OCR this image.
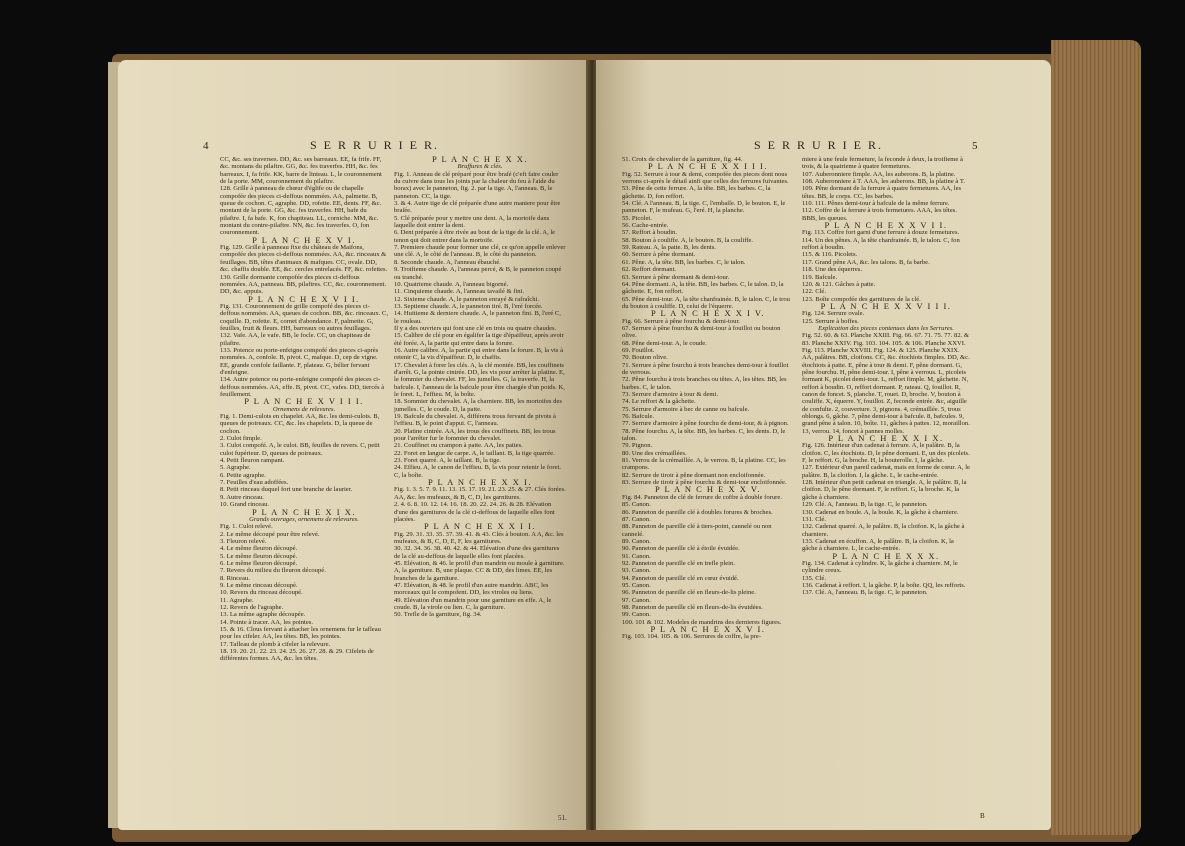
4	S E R R U R I E R.

CC, &c. ses traverses. DD, &c. ses barreaux. EE, fa frife. FF, &c. montans du pilaftre. GG, &c. fes traverfes. HH, &c. fes barreaux. I, fa frife. KK, barre de linteau. L, le couronnement de la porte. MM, couronnement du pilaftre.

128. Grille à panneau de chœur d'églife ou de chapelle compofée des pieces ci-deffous nommées. AA, palmette. B, queue de cochon. C, agraphe. DD, rofette. EE, dents. FF, &c. montant de la porte. GG, &c. fes traverfes. HH, bafe du pilaftre. I, fa bafe. K, fon chapiteau. LL, corniche. MM, &c. montant du contre-pilaftre. NN, &c. fes traverfes. O, fon couronnement.

P L A N C H E X V I.

Fig. 129. Grille à panneau fixe du château de Maifons, compofée des pieces ci-deffous nommées. AA, &c. rinceaux & feuillages. BB, têtes d'animaux & mafques. CC, ovale. DD, &c. chaffis double. EE, &c. cercles entrelacés. FF, &c. rofettes.

130. Grille dormante compofée des pieces ci-deffous nommées. AA, panneau. BB, pilaftres. CC, &c. couronnement. DD, &c. appuis.

P L A N C H E X V I I.

Fig. 131. Couronnement de grille compofé des pieces ci-deffous nommées. AA, queues de cochon. BB, &c. rinceaux. C, coquille. D, rofette. E, cornet d'abondance. F, palmette. G, feuilles, fruit & fleurs. HH, barreaux ou autres feuillages.

132. Vafe. AA, le vafe. BB, le focle. CC, un chapiteau de pilaftre.

133. Potence ou porte-enfeigne compofé des pieces ci-après nommées. A, confole. B, pivot. C, mafque. D, cep de vigne. EE, grande confole faillante. F, plateau. G, bélier fervant d'enfeigne.

134. Autre potence ou porte-enfeigne compofé des pieces ci-deffous nommées. AA, effe. B, pivot. CC, vafes. DD, tiercés à feuillement.

P L A N C H E X V I I I.

Ornemens de relevures.

Fig. 1. Demi-culots en chapelet. AA, &c. les demi-culots. B, queues de poireaux. CC, &c. les chapelets. D, la queue de cochon.

2. Culot fimple.

3. Culot compofé. A, le culot. BB, feuilles de revers. C, petit culot fupérieur. D, queues de poireaux.

4. Petit fleuron rampant.

5. Agraphe.

6. Petite agraphe.

7. Feuilles d'eau adoffées.

8. Petit rinceau duquel fort une branche de laurier.

9. Autre rinceau.

10. Grand rinceau.

P L A N C H E X I X.

Grands ouvrages, ornemens de relevures.

Fig. 1. Culot relevé.

2. Le même découpé pour être relevé.

3. Fleuron relevé.

4. Le même fleuron découpé.

5. Le même fleuron découpé.

6. Le même fleuron découpé.

7. Revers du milieu du fleuron découpé.

8. Rinceau.

9. Le même rinceau découpé.

10. Revers du rinceau découpé.

11. Agraphe.

12. Revers de l'agraphe.

13. La même agraphe découpée.

14. Pointe à tracer. AA, les pointes.

15. & 16. Clous fervant à attacher les ornemens fur le tafleau pour les cifeler. AA, les têtes. BB, les pointes.

17. Tafleau de plomb à cifeler la relevure.

18. 19. 20. 21. 22. 23. 24. 25. 26. 27. 28. & 29. Cifelets de différentes formes. AA, &c. les têtes.

P L A N C H E X X.

Bruffures & clés.

Fig. 1. Anneau de clé préparé pour être braſé (c'eft faire couler du cuivre dans tous les joints par la chaleur du feu à l'aide du borax) avec le panneton, fig. 2. par la tige. A, l'anneau. B, le panneton. CC, la tige.

3. & 4. Autre tige de clé préparée d'une autre maniere pour être braſée.

5. Clé préparée pour y mettre une dent. A, la mortoife dans laquelle doit entrer la dent.

6. Dent préparée à être rivée au bout de la tige de la clé. A, le tenon qui doit entrer dans la mortoife.

7. Premiere chaude pour former une clé, ce qu'on appelle enlever une clé. A, le côté de l'anneau. B, le côté du panneton.

8. Seconde chaude. A, l'anneau ébauché.

9. Troifieme chaude. A, l'anneau percé, & B, le panneton coupé ou tranché.

10. Quatrieme chaude. A, l'anneau bigorné.

11. Cinquieme chaude. A, l'anneau tavailé & fini.

12. Sixieme chaude. A, le panneton enrayé & rafraîchi.

13. Septieme chaude. A, le panneton tiré. B, l'eré forcée.

14. Huitieme & derniere chaude. A, le panneton fini. B, l'eré C, le rouleau.

Il y a des ouvriers qui font une clé en trois ou quatre chaudes.

15. Calibre de clé pour en égalifer la tige d'épaiffeur, après avoir été forée. A, la partie qui entre dans la forure.

16. Autre calibre. A, la partie qui entre dans la forure. B, la vis à retenir C, la vis d'épaiffeur. D, le chaffis.

17. Chevalet à forer les clés. A, la clé montée. BB, les couffinets d'arrêt. G, la pointe cintrée. DD, les vis pour arrêter la platine. E, le fommier du chevalet. FF, les jumelles. G, la traverfe. H, la bafcule. I, l'anneau de la bafcule pour être chargée d'un poids. K, le foret. L, l'effieu. M, la boîte.

18. Sommier du chevalet. A, la charniere. BB, les mortoifes des jumelles. C, le coude. D, la patte.

19. Bafcule du chevalet. A, différens trous fervant de pivots à l'effieu. B, le point d'appui. C, l'anneau.

20. Platine cintrée. AA, les trous des couffinets. BB, les trous pour l'arrêter fur le fommier du chevalet.

21. Couffinet ou crampon à patte. AA, les pattes.

22. Foret en langue de carpe. A, le taillant. B, la tige quarrée.

23. Foret quarré. A, le taillant. B, la tige.

24. Effieu. A, le canon de l'effieu. B, la vis pour retenir le foret. C, la boîte.

P L A N C H E X X I.

Fig. 1. 3. 5. 7. 9. 11. 13. 15. 17. 19. 21. 23. 25. & 27. Clés forées. AA, &c. les mufeaux, & B, C, D, les garnitures.

2. 4. 6. 8. 10. 12. 14. 16. 18. 20. 22. 24. 26. & 28. Elévation d'une des garnitures de la clé ci-deffous de laquelle elles font placées.

P L A N C H E X X I I.

Fig. 29. 31. 33. 35. 37. 39. 41. & 43. Clés à bouton. A A, &c. les mufeaux, & B, C, D, E, F, les garnitures.

30. 32. 34. 36. 38. 40. 42. & 44. Elévation d'une des garnitures de la clé au-deffous de laquelle elles font placées.

45. Elévation, & 46. le profil d'un mandrin ou moule à garniture. A, la garniture. B, une plaque. CC & DD, des limes. EE, les branches de la garniture.

47. Elévation, & 48. le profil d'un autre mandrin. ABC, les morceaux qui le compofent. DD, les viroles ou liens.

49. Elévation d'un mandrin pour une garniture en effe. A, le coude. B, la virole ou lien. C, la garniture.

50. Trefle de la garniture, fig. 34.

51.
S E R R U R I E R.	5

51. Croix de chevalier de la garniture, fig. 44.

P L A N C H E X X I I I.

Fig. 52. Serrure à tour & demi, compofée des pieces dont nous verrons ci-après le détail ainfi que celles des ferrures fuivantes.

53. Pêne de cette ferrure. A, la tête. BB, les barbes. C, la gâchette. D, fon reffort.

54. Clé. A l'anneau. B, la tige. C, l'embaſſe. D, le bouton. E, le panneton. F, le mufeau. G, l'eré. H, la planche.

55. Picolet.

56. Cache-entrée.

57. Reffort à boudin.

58. Bouton à couliffe. A, le bouton. B, la couliffe.

59. Rateau. A, la patte. B, les dents.

60. Serrure à pêne dormant.

61. Pêne. A, la tête. BB, les barbes. C, le talon.

62. Reffort dormant.

63. Serrure à pêne dormant & demi-tour.

64. Pêne dormant. A, la tête. BB, les barbes. C, le talon. D, la gâchette. E, fon reffort.

65. Pêne demi-tour. A, la tête chanfrainée. B, le talon. C, le trou du bouton à couliffe. D, celui de l'équerre.

P L A N C H E X X I V.

Fig. 66. Serrure à pêne fourchu & demi-tour.

67. Serrure à pêne fourchu & demi-tour à fouillot ou bouton olive.

68. Pêne demi-tour. A, le coude.

69. Fouillot.

70. Bouton olive.

71. Serrure à pêne fourchu à trois branches demi-tour à fouillot de verrous.

72. Pêne fourchu à trois branches ou têtes. A, les têtes. BB, les barbes. C, le talon.

73. Serrure d'armoire à tour & demi.

74. Le reffort & la gâchette.

75. Serrure d'armoire à bec de canne ou bafcule.

76. Bafcule.

77. Serrure d'armoire à pêne fourchu de demi-tour, & à pignon.

78. Pêne fourchu. A, la tête. BB, les barbes. C, les dents. D, le talon.

79. Pignon.

80. Une des crémaillées.

81. Verrou de la crémaillée. A, le verrou. B, la platine. CC, les crampons.

82. Serrure de tiroir à pêne dormant non encloifonnée.

83. Serrure de tiroir à pêne fourchu & demi-tour encloifonnée.

P L A N C H E X X V.

Fig. 84. Panneton de clé de ferrure de coffre à double forure.

85. Canon.

86. Panneton de pareille clé à doubles forures & broches.

87. Canon.

88. Panneton de pareille clé à tiers-point, cannelé ou non cannelé.

89. Canon.

90. Panneton de pareille clé à étoile évuidée.

91. Canon.

92. Panneton de pareille clé en trefle plein.

93. Canon.

94. Panneton de pareille clé en cœur évuidé.

95. Canon.

96. Panneton de pareille clé en fleurs-de-lis pleine.

97. Canon.

98. Panneton de pareille clé en fleurs-de-lis évuidées.

99. Canon.

100. 101 & 102. Modeles de mandrins des dernieres figures.

P L A N C H E X X V I.

Fig. 103. 104. 105. & 106. Serrures de coffre, la pre-

miere à une feule fermeture, la feconde à deux, la troifieme à trois, & la quatrieme à quatre fermetures.

107. Auberonniere fimple. AA, les auberons. B, la platine.

108. Auberonniere à T. AAA, les auberons. BB, la platine à T.

109. Pêne dormant de la ferrure à quatre fermetures. AA, les têtes. BB, le corps. CC, les barbes.

110. 111. Pênes demi-tour à bafcule de la même ferrure.

112. Coffre de la ferrure à trois fermetures. AAA, les têtes. BBB, les queues.

P L A N C H E X X V I I.

Fig. 113. Coffre fort garni d'une ferrure à douze fermetures.

114. Un des pênes. A, la tête chanfrainée. B, le talon. C, fon reffort à boudin.

115. & 116. Picolets.

117. Grand pêne AA, &c. les talons. B, fa barbe.

118. Une des équerres.

119. Bafcule.

120. & 121. Gâches à patte.

122. Clé.

123. Boîte compofée des garnitures de la clé.

P L A N C H E X X V I I I.

Fig. 124. Serrure ovale.

125. Serrure à boffes.

Explication des pieces contenues dans les Serrures.

Fig. 52. 60. & 63. Planche XXIII. Fig. 66. 67. 71. 75. 77. 82. & 83. Planche XXIV. Fig. 103. 104. 105. & 106. Planche XXVI. Fig. 113. Planche XXVIII. Fig. 124. & 125. Planche XXIX.

AA, palâtres. BB, cloifons. CC, &c. étochiots fimples. DD, &c. étochiots à patte. E, pêne à tour & demi. F, pêne dormant. G, pêne fourchu. H, pêne demi-tour. I, pêne à verrous. L, picolets formant K, picolet demi-tour. L, reffort fimple. M, gâchette. N, reffort à boudin. O, reffort dormant. P, rateau. Q, fouillot. R, canon de foncet. S, planche. T, rouet. D, broche. V, bouton à couliffe. X, équerre. Y, fouillot. Z, feconde entrée. &c, aiguille de confulte. 2, couverture. 3, pignons. 4, crémaillée. 5, trous oblongs. 6, gâche. 7, pêne demi-tour à bafcule. 8, bafcules. 9, grand pêne à talon. 10, boîte. 11, gâches à pattes. 12, moraillon. 13, verrou. 14, foncet à pannes molles.

P L A N C H E X X I X.

Fig. 126. Intérieur d'un cadenat à ferrure. A, le palâtre. B, la cloifon. C, les étochiots. D, le pêne dormant. E, un des picolets. F, le reffort. G, la broche. H, la bouterolle. I, la gâche.

127. Extérieur d'un pareil cadenat, mais en forme de cœur. A, le palâtre. B, la cloifon. I, la gâche. L, le cache-entrée.

128. Intérieur d'un petit cadenat en triangle. A, le palâtre. B, la cloifon. D, le pêne dormant. F, le reffort. G, la broche. K, la gâche à charniere.

129. Clé. A, l'anneau. B, la tige. C, le panneton.

130. Cadenat en boule. A, la boule. K, la gâche à charniere.

131. Clé.

132. Cadenat quarré. A, le palâtre. B, la cloifon. K, la gâche à charniere.

133. Cadenat en écuffon. A, le palâtre. B, la cloifon. K, la gâche à charniere. L, le cache-entrée.

P L A N C H E X X X.

Fig. 134. Cadenat à cylindre. K, la gâche à charniere. M, le cylindre creux.

135. Clé.

136. Cadenat à reffort. I, la gâche. P, la boîte. QQ, les refforts.

137. Clé. A, l'anneau. B, la tige. C, le panneton.

B
